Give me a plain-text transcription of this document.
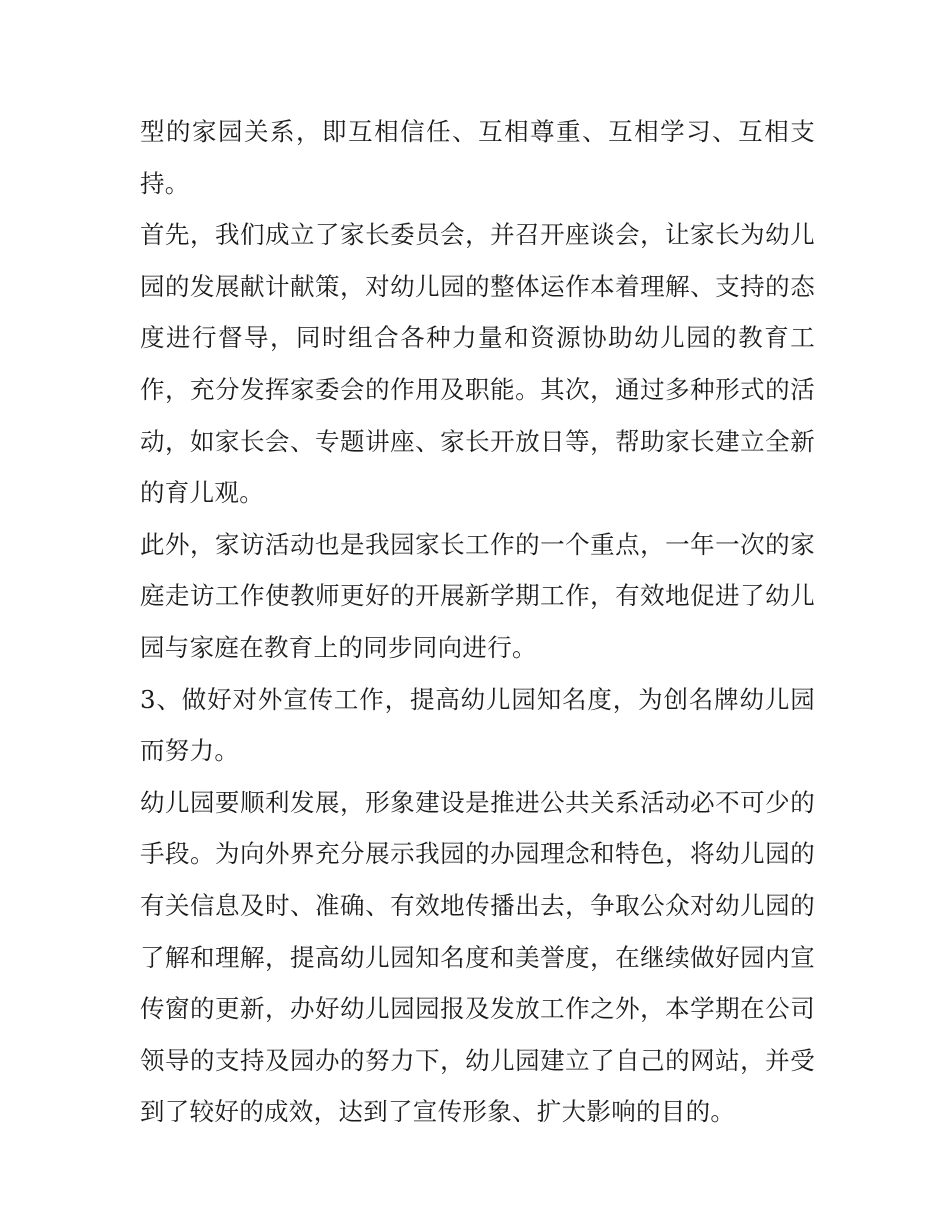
型的家园关系，即互相信任、互相尊重、互相学习、互相支持。

首先，我们成立了家长委员会，并召开座谈会，让家长为幼儿园的发展献计献策，对幼儿园的整体运作本着理解、支持的态度进行督导，同时组合各种力量和资源协助幼儿园的教育工作，充分发挥家委会的作用及职能。其次，通过多种形式的活动，如家长会、专题讲座、家长开放日等，帮助家长建立全新的育儿观。

此外，家访活动也是我园家长工作的一个重点，一年一次的家庭走访工作使教师更好的开展新学期工作，有效地促进了幼儿园与家庭在教育上的同步同向进行。

3、做好对外宣传工作，提高幼儿园知名度，为创名牌幼儿园而努力。

幼儿园要顺利发展，形象建设是推进公共关系活动必不可少的手段。为向外界充分展示我园的办园理念和特色，将幼儿园的有关信息及时、准确、有效地传播出去，争取公众对幼儿园的了解和理解，提高幼儿园知名度和美誉度，在继续做好园内宣传窗的更新，办好幼儿园园报及发放工作之外，本学期在公司领导的支持及园办的努力下，幼儿园建立了自己的网站，并受到了较好的成效，达到了宣传形象、扩大影响的目的。
